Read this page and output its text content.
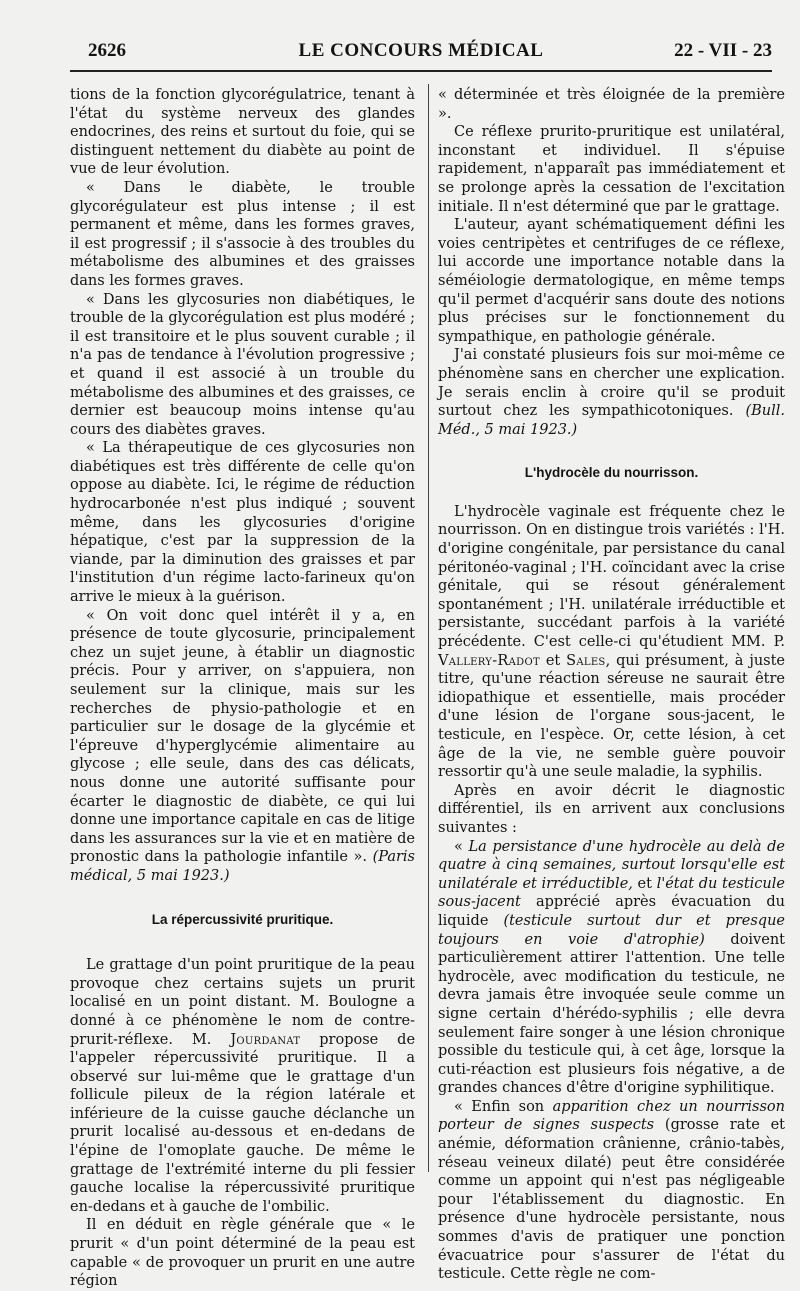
2626	LE CONCOURS MÉDICAL	22 - VII - 23

tions de la fonction glycorégulatrice, tenant à l'état du système nerveux des glandes endocrines, des reins et surtout du foie, qui se distinguent nettement du diabète au point de vue de leur évolution.

« Dans le diabète, le trouble glycorégulateur est plus intense ; il est permanent et même, dans les formes graves, il est progressif ; il s'associe à des troubles du métabolisme des albumines et des graisses dans les formes graves.

« Dans les glycosuries non diabétiques, le trouble de la glycorégulation est plus modéré ; il est transitoire et le plus souvent curable ; il n'a pas de tendance à l'évolution progressive ; et quand il est associé à un trouble du métabolisme des albumines et des graisses, ce dernier est beaucoup moins intense qu'au cours des diabètes graves.

« La thérapeutique de ces glycosuries non diabétiques est très différente de celle qu'on oppose au diabète. Ici, le régime de réduction hydrocarbonée n'est plus indiqué ; souvent même, dans les glycosuries d'origine hépatique, c'est par la suppression de la viande, par la diminution des graisses et par l'institution d'un régime lacto-farineux qu'on arrive le mieux à la guérison.

« On voit donc quel intérêt il y a, en présence de toute glycosurie, principalement chez un sujet jeune, à établir un diagnostic précis. Pour y arriver, on s'appuiera, non seulement sur la clinique, mais sur les recherches de physio-pathologie et en particulier sur le dosage de la glycémie et l'épreuve d'hyperglycémie alimentaire au glycose ; elle seule, dans des cas délicats, nous donne une autorité suffisante pour écarter le diagnostic de diabète, ce qui lui donne une importance capitale en cas de litige dans les assurances sur la vie et en matière de pronostic dans la pathologie infantile ». (Paris médical, 5 mai 1923.)

La répercussivité pruritique.

Le grattage d'un point pruritique de la peau provoque chez certains sujets un prurit localisé en un point distant. M. Boulogne a donné à ce phénomène le nom de contre-prurit-réflexe. M. Jourdanat propose de l'appeler répercussivité pruritique. Il a observé sur lui-même que le grattage d'un follicule pileux de la région latérale et inférieure de la cuisse gauche déclanche un prurit localisé au-dessous et en-dedans de l'épine de l'omoplate gauche. De même le grattage de l'extrémité interne du pli fessier gauche localise la répercussivité pruritique en-dedans et à gauche de l'ombilic.

Il en déduit en règle générale que « le prurit « d'un point déterminé de la peau est capable « de provoquer un prurit en une autre région

« déterminée et très éloignée de la première ».

Ce réflexe prurito-pruritique est unilatéral, inconstant et individuel. Il s'épuise rapidement, n'apparaît pas immédiatement et se prolonge après la cessation de l'excitation initiale. Il n'est déterminé que par le grattage.

L'auteur, ayant schématiquement défini les voies centripètes et centrifuges de ce réflexe, lui accorde une importance notable dans la séméiologie dermatologique, en même temps qu'il permet d'acquérir sans doute des notions plus précises sur le fonctionnement du sympathique, en pathologie générale.

J'ai constaté plusieurs fois sur moi-même ce phénomène sans en chercher une explication. Je serais enclin à croire qu'il se produit surtout chez les sympathicotoniques. (Bull. Méd., 5 mai 1923.)

L'hydrocèle du nourrisson.

L'hydrocèle vaginale est fréquente chez le nourrisson. On en distingue trois variétés : l'H. d'origine congénitale, par persistance du canal péritonéo-vaginal ; l'H. coïncidant avec la crise génitale, qui se résout généralement spontanément ; l'H. unilatérale irréductible et persistante, succédant parfois à la variété précédente. C'est celle-ci qu'étudient MM. P. Vallery-Radot et Sales, qui présument, à juste titre, qu'une réaction séreuse ne saurait être idiopathique et essentielle, mais procéder d'une lésion de l'organe sous-jacent, le testicule, en l'espèce. Or, cette lésion, à cet âge de la vie, ne semble guère pouvoir ressortir qu'à une seule maladie, la syphilis.

Après en avoir décrit le diagnostic différentiel, ils en arrivent aux conclusions suivantes :

« La persistance d'une hydrocèle au delà de quatre à cinq semaines, surtout lorsqu'elle est unilatérale et irréductible, et l'état du testicule sous-jacent apprécié après évacuation du liquide (testicule surtout dur et presque toujours en voie d'atrophie) doivent particulièrement attirer l'attention. Une telle hydrocèle, avec modification du testicule, ne devra jamais être invoquée seule comme un signe certain d'hérédo-syphilis ; elle devra seulement faire songer à une lésion chronique possible du testicule qui, à cet âge, lorsque la cuti-réaction est plusieurs fois négative, a de grandes chances d'être d'origine syphilitique.

« Enfin son apparition chez un nourrisson porteur de signes suspects (grosse rate et anémie, déformation crânienne, crânio-tabès, réseau veineux dilaté) peut être considérée comme un appoint qui n'est pas négligeable pour l'établissement du diagnostic. En présence d'une hydrocèle persistante, nous sommes d'avis de pratiquer une ponction évacuatrice pour s'assurer de l'état du testicule. Cette règle ne com-
